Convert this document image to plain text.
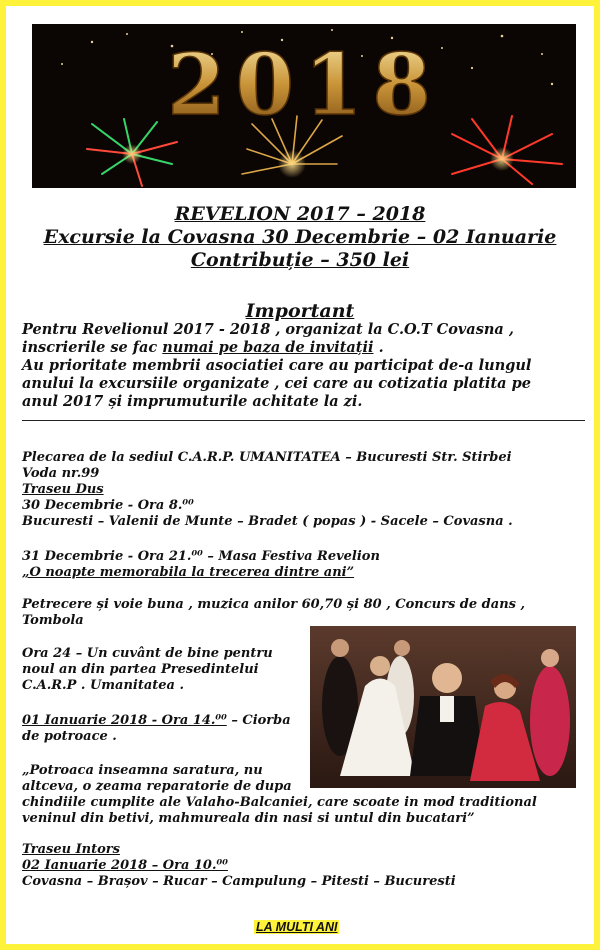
2018
REVELION 2017 – 2018
Excursie la Covasna 30 Decembrie – 02 Ianuarie
Contribuție – 350 lei
Important
Pentru Revelionul 2017 - 2018 , organizat la C.O.T Covasna ,
inscrierile se fac numai pe baza de invitații .
Au prioritate membrii asociatiei care au participat de-a lungul
anului la excursiile organizate , cei care au cotizatia platita pe
anul 2017 și imprumuturile achitate la zi.
Plecarea de la sediul C.A.R.P. UMANITATEA – Bucuresti Str. Stirbei
Voda nr.99
Traseu Dus
30 Decembrie - Ora 8.⁰⁰
Bucuresti – Valenii de Munte – Bradet ( popas ) - Sacele – Covasna .
31 Decembrie - Ora 21.⁰⁰ – Masa Festiva Revelion
„O noapte memorabila la trecerea dintre ani”
Petrecere și voie buna , muzica anilor 60,70 și 80 , Concurs de dans ,
Tombola
Ora 24 – Un cuvânt de bine pentru
noul an din partea Presedintelui
C.A.R.P . Umanitatea .
01 Ianuarie 2018 - Ora 14.⁰⁰ – Ciorba
de potroace .
„Potroaca inseamna saratura, nu
altceva, o zeama reparatorie de dupa
chindiile cumplite ale Valaho-Balcaniei, care scoate in mod traditional
veninul din betivi, mahmureala din nasi si untul din bucatari”
Traseu Intors
02 Ianuarie 2018 – Ora 10.⁰⁰
Covasna – Brașov – Rucar – Campulung – Pitesti – Bucuresti
LA MULTI ANI
